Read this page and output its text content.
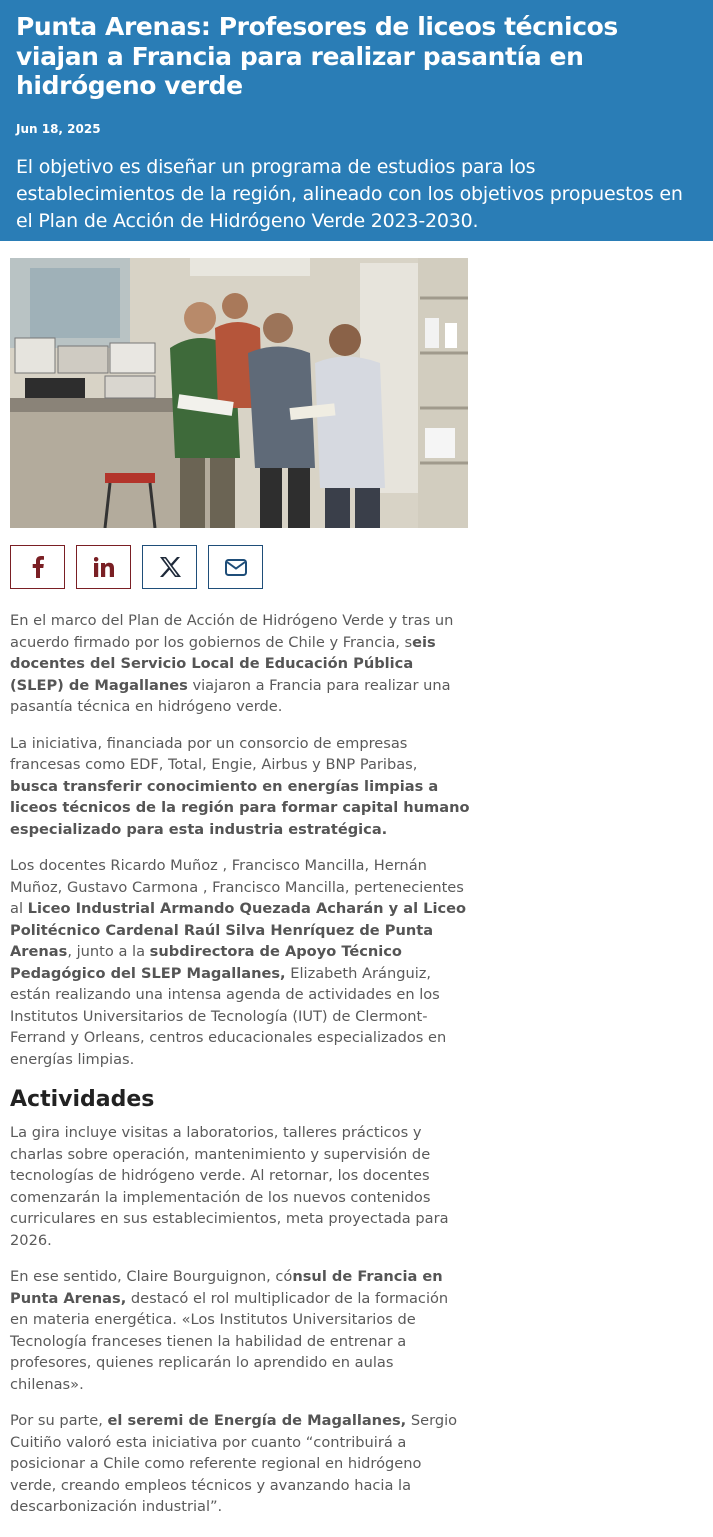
Punta Arenas: Profesores de liceos técnicos viajan a Francia para realizar pasantía en hidrógeno verde
Jun 18, 2025
El objetivo es diseñar un programa de estudios para los establecimientos de la región, alineado con los objetivos propuestos en el Plan de Acción de Hidrógeno Verde 2023-2030.

En el marco del Plan de Acción de Hidrógeno Verde y tras un acuerdo firmado por los gobiernos de Chile y Francia, seis docentes del Servicio Local de Educación Pública (SLEP) de Magallanes viajaron a Francia para realizar una pasantía técnica en hidrógeno verde.

La iniciativa, financiada por un consorcio de empresas francesas como EDF, Total, Engie, Airbus y BNP Paribas, busca transferir conocimiento en energías limpias a liceos técnicos de la región para formar capital humano especializado para esta industria estratégica.

Los docentes Ricardo Muñoz , Francisco Mancilla, Hernán Muñoz, Gustavo Carmona , Francisco Mancilla, pertenecientes al Liceo Industrial Armando Quezada Acharán y al Liceo Politécnico Cardenal Raúl Silva Henríquez de Punta Arenas, junto a la subdirectora de Apoyo Técnico Pedagógico del SLEP Magallanes, Elizabeth Aránguiz, están realizando una intensa agenda de actividades en los Institutos Universitarios de Tecnología (IUT) de Clermont-Ferrand y Orleans, centros educacionales especializados en energías limpias.

Actividades

La gira incluye visitas a laboratorios, talleres prácticos y charlas sobre operación, mantenimiento y supervisión de tecnologías de hidrógeno verde. Al retornar, los docentes comenzarán la implementación de los nuevos contenidos curriculares en sus establecimientos, meta proyectada para 2026.

En ese sentido, Claire Bourguignon, cónsul de Francia en Punta Arenas, destacó el rol multiplicador de la formación en materia energética. «Los Institutos Universitarios de Tecnología franceses tienen la habilidad de entrenar a profesores, quienes replicarán lo aprendido en aulas chilenas».

Por su parte, el seremi de Energía de Magallanes, Sergio Cuitiño valoró esta iniciativa por cuanto “contribuirá a posicionar a Chile como referente regional en hidrógeno verde, creando empleos técnicos y avanzando hacia la descarbonización industrial”.
